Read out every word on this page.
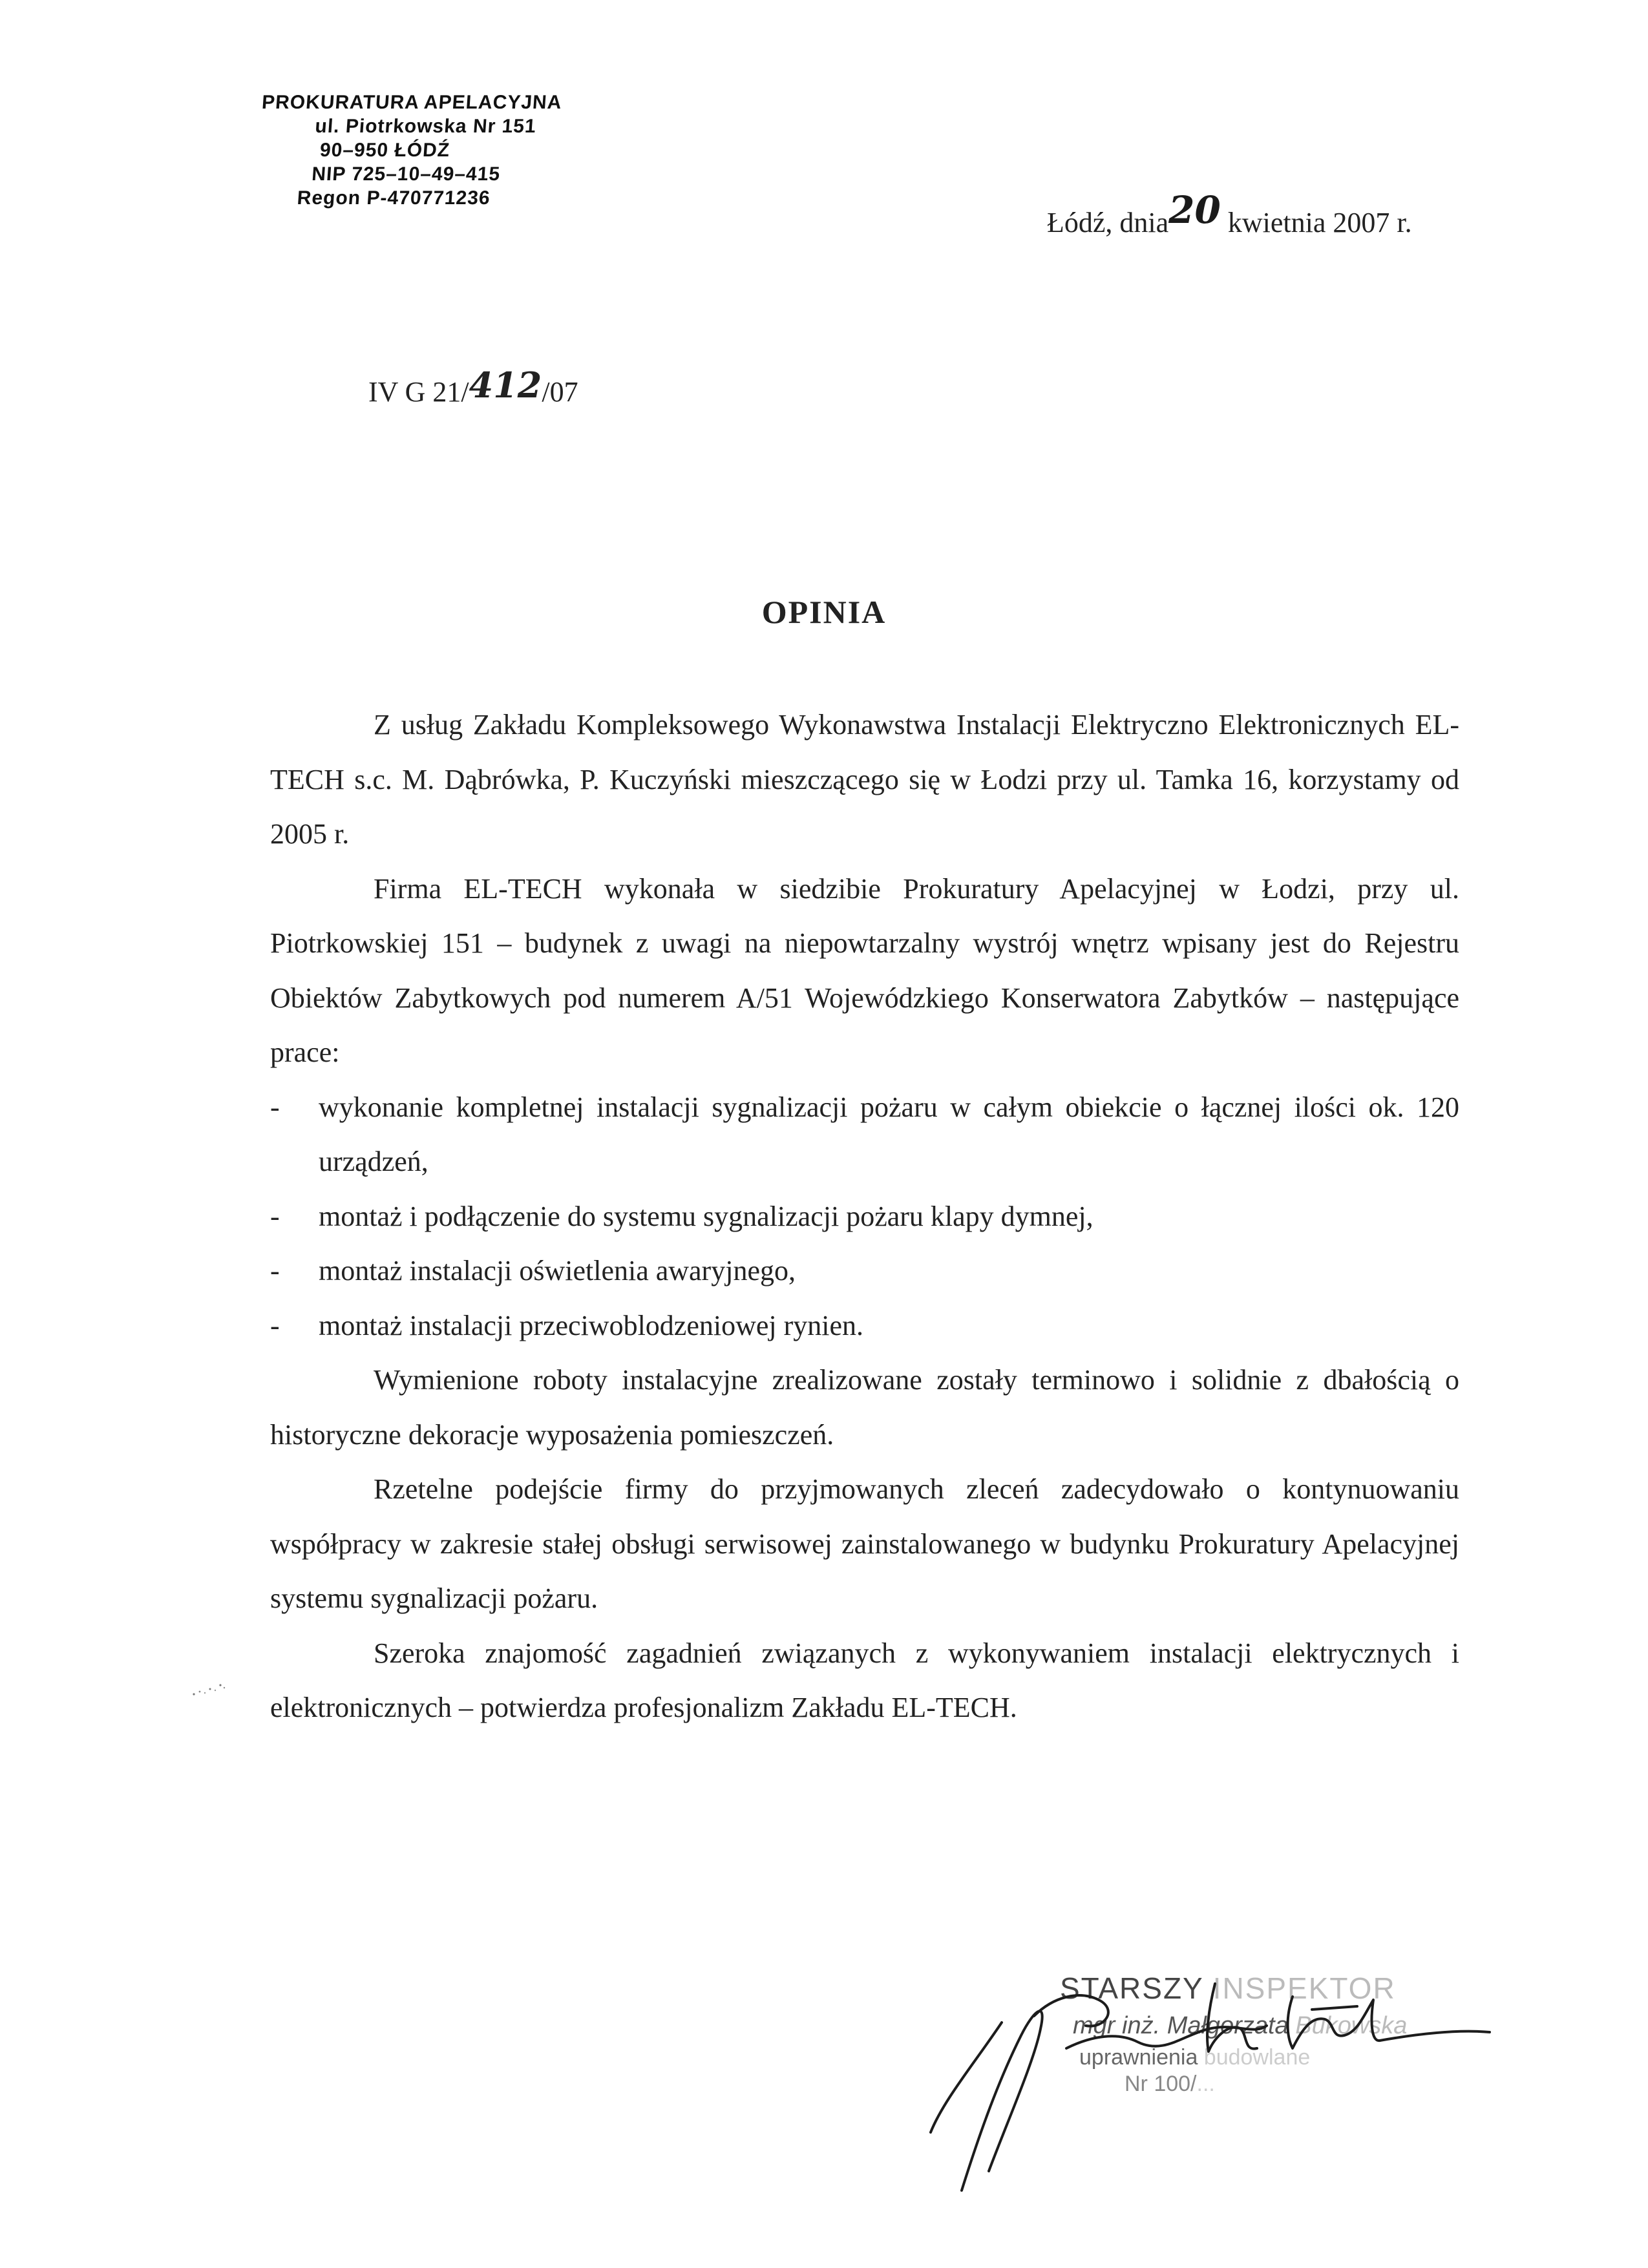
PROKURATURA APELACYJNA
ul. Piotrkowska Nr 151
90–950 ŁÓDŹ
NIP 725–10–49–415
Regon P-470771236
Łódź, dnia20 kwietnia 2007 r.
IV G 21/412/07
OPINIA

Z usług Zakładu Kompleksowego Wykonawstwa Instalacji Elektryczno Elektronicznych EL-TECH s.c. M. Dąbrówka, P. Kuczyński mieszczącego się w Łodzi przy ul. Tamka 16, korzystamy od 2005 r.

Firma EL-TECH wykonała w siedzibie Prokuratury Apelacyjnej w Łodzi, przy ul. Piotrkowskiej 151 – budynek z uwagi na niepowtarzalny wystrój wnętrz wpisany jest do Rejestru Obiektów Zabytkowych pod numerem A/51 Wojewódzkiego Konserwatora Zabytków – następujące prace:

- wykonanie kompletnej instalacji sygnalizacji pożaru w całym obiekcie o łącznej ilości ok. 120 urządzeń,

- montaż i podłączenie do systemu sygnalizacji pożaru klapy dymnej,

- montaż instalacji oświetlenia awaryjnego,

- montaż instalacji przeciwoblodzeniowej rynien.

Wymienione roboty instalacyjne zrealizowane zostały terminowo i solidnie z dbałością o historyczne dekoracje wyposażenia pomieszczeń.

Rzetelne podejście firmy do przyjmowanych zleceń zadecydowało o kontynuowaniu współpracy w zakresie stałej obsługi serwisowej zainstalowanego w budynku Prokuratury Apelacyjnej systemu sygnalizacji pożaru.

Szeroka znajomość zagadnień związanych z wykonywaniem instalacji elektrycznych i elektronicznych – potwierdza profesjonalizm Zakładu EL-TECH.

STARSZY INSPEKTOR
mgr inż. Małgorzata Bukowska
uprawnienia budowlane
Nr 100/...
